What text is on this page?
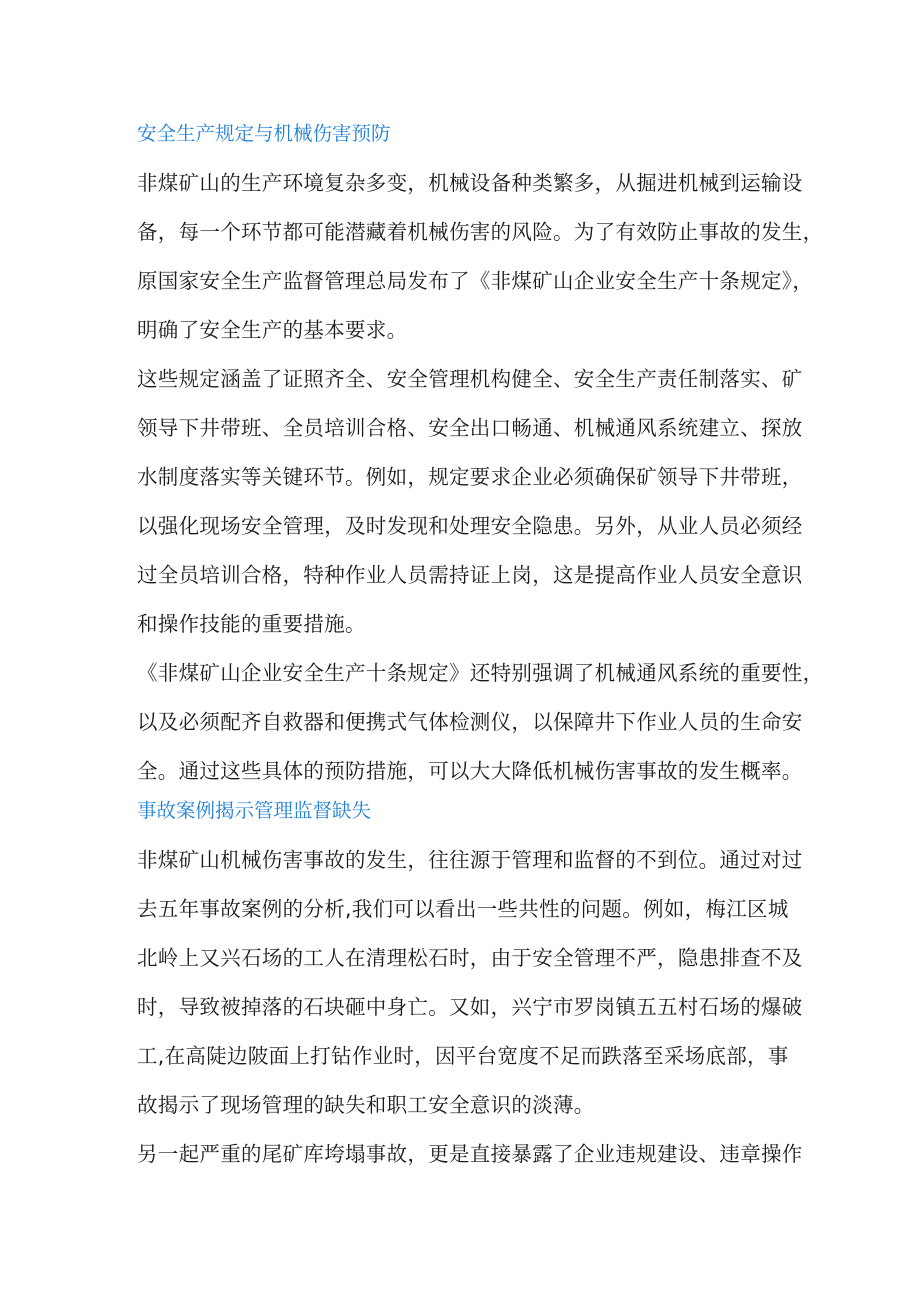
安全生产规定与机械伤害预防
非煤矿山的生产环境复杂多变，机械设备种类繁多，从掘进机械到运输设
备，每一个环节都可能潜藏着机械伤害的风险。为了有效防止事故的发生，
原国家安全生产监督管理总局发布了《非煤矿山企业安全生产十条规定》，
明确了安全生产的基本要求。
这些规定涵盖了证照齐全、安全管理机构健全、安全生产责任制落实、矿
领导下井带班、全员培训合格、安全出口畅通、机械通风系统建立、探放
水制度落实等关键环节。例如，规定要求企业必须确保矿领导下井带班，
以强化现场安全管理，及时发现和处理安全隐患。另外，从业人员必须经
过全员培训合格，特种作业人员需持证上岗，这是提高作业人员安全意识
和操作技能的重要措施。
《非煤矿山企业安全生产十条规定》还特别强调了机械通风系统的重要性，
以及必须配齐自救器和便携式气体检测仪，以保障井下作业人员的生命安
全。通过这些具体的预防措施，可以大大降低机械伤害事故的发生概率。
事故案例揭示管理监督缺失
非煤矿山机械伤害事故的发生，往往源于管理和监督的不到位。通过对过
去五年事故案例的分析,我们可以看出一些共性的问题。例如，梅江区城
北岭上又兴石场的工人在清理松石时，由于安全管理不严，隐患排查不及
时，导致被掉落的石块砸中身亡。又如，兴宁市罗岗镇五五村石场的爆破
工,在高陡边陂面上打钻作业时，因平台宽度不足而跌落至采场底部，事
故揭示了现场管理的缺失和职工安全意识的淡薄。
另一起严重的尾矿库垮塌事故，更是直接暴露了企业违规建设、违章操作
